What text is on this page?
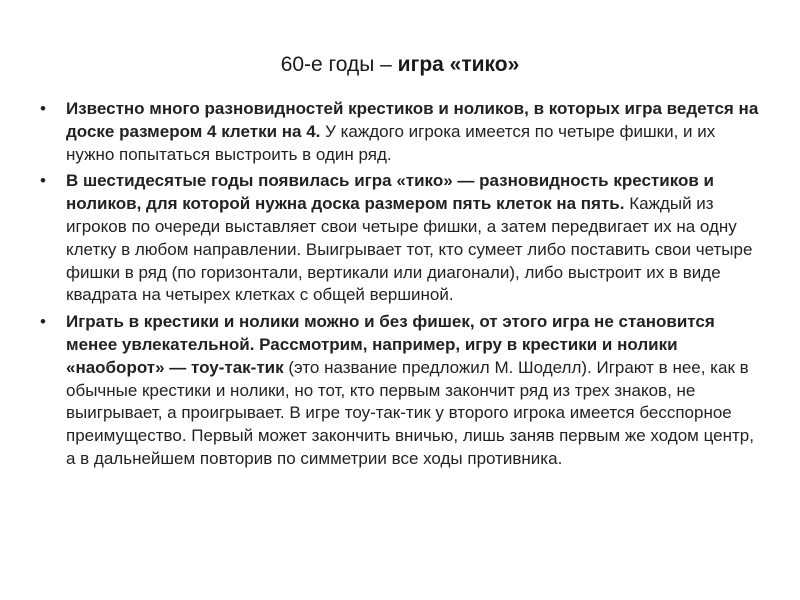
60-е годы – игра «тико»
•	Известно много разновидностей крестиков и ноликов, в которых игра ведется на доске размером 4 клетки на 4. У каждого игрока имеется по четыре фишки, и их нужно попытаться выстроить в один ряд.
•	В шестидесятые годы появилась игра «тико» — разновидность крестиков и ноликов, для которой нужна доска размером пять клеток на пять. Каждый из игроков по очереди выставляет свои четыре фишки, а затем передвигает их на одну клетку в любом направлении. Выигрывает тот, кто сумеет либо поставить свои четыре фишки в ряд (по горизонтали, вертикали или диагонали), либо выстроит их в виде квадрата на четырех клетках с общей вершиной.
•	Играть в крестики и нолики можно и без фишек, от этого игра не становится менее увлекательной. Рассмотрим, например, игру в крестики и нолики «наоборот» — тоу-так-тик (это название предложил М. Шоделл). Играют в нее, как в обычные крестики и нолики, но тот, кто первым закончит ряд из трех знаков, не выигрывает, а проигрывает. В игре тоу-так-тик у второго игрока имеется бесспорное преимущество. Первый может закончить вничью, лишь заняв первым же ходом центр, а в дальнейшем повторив по симметрии все ходы противника.
